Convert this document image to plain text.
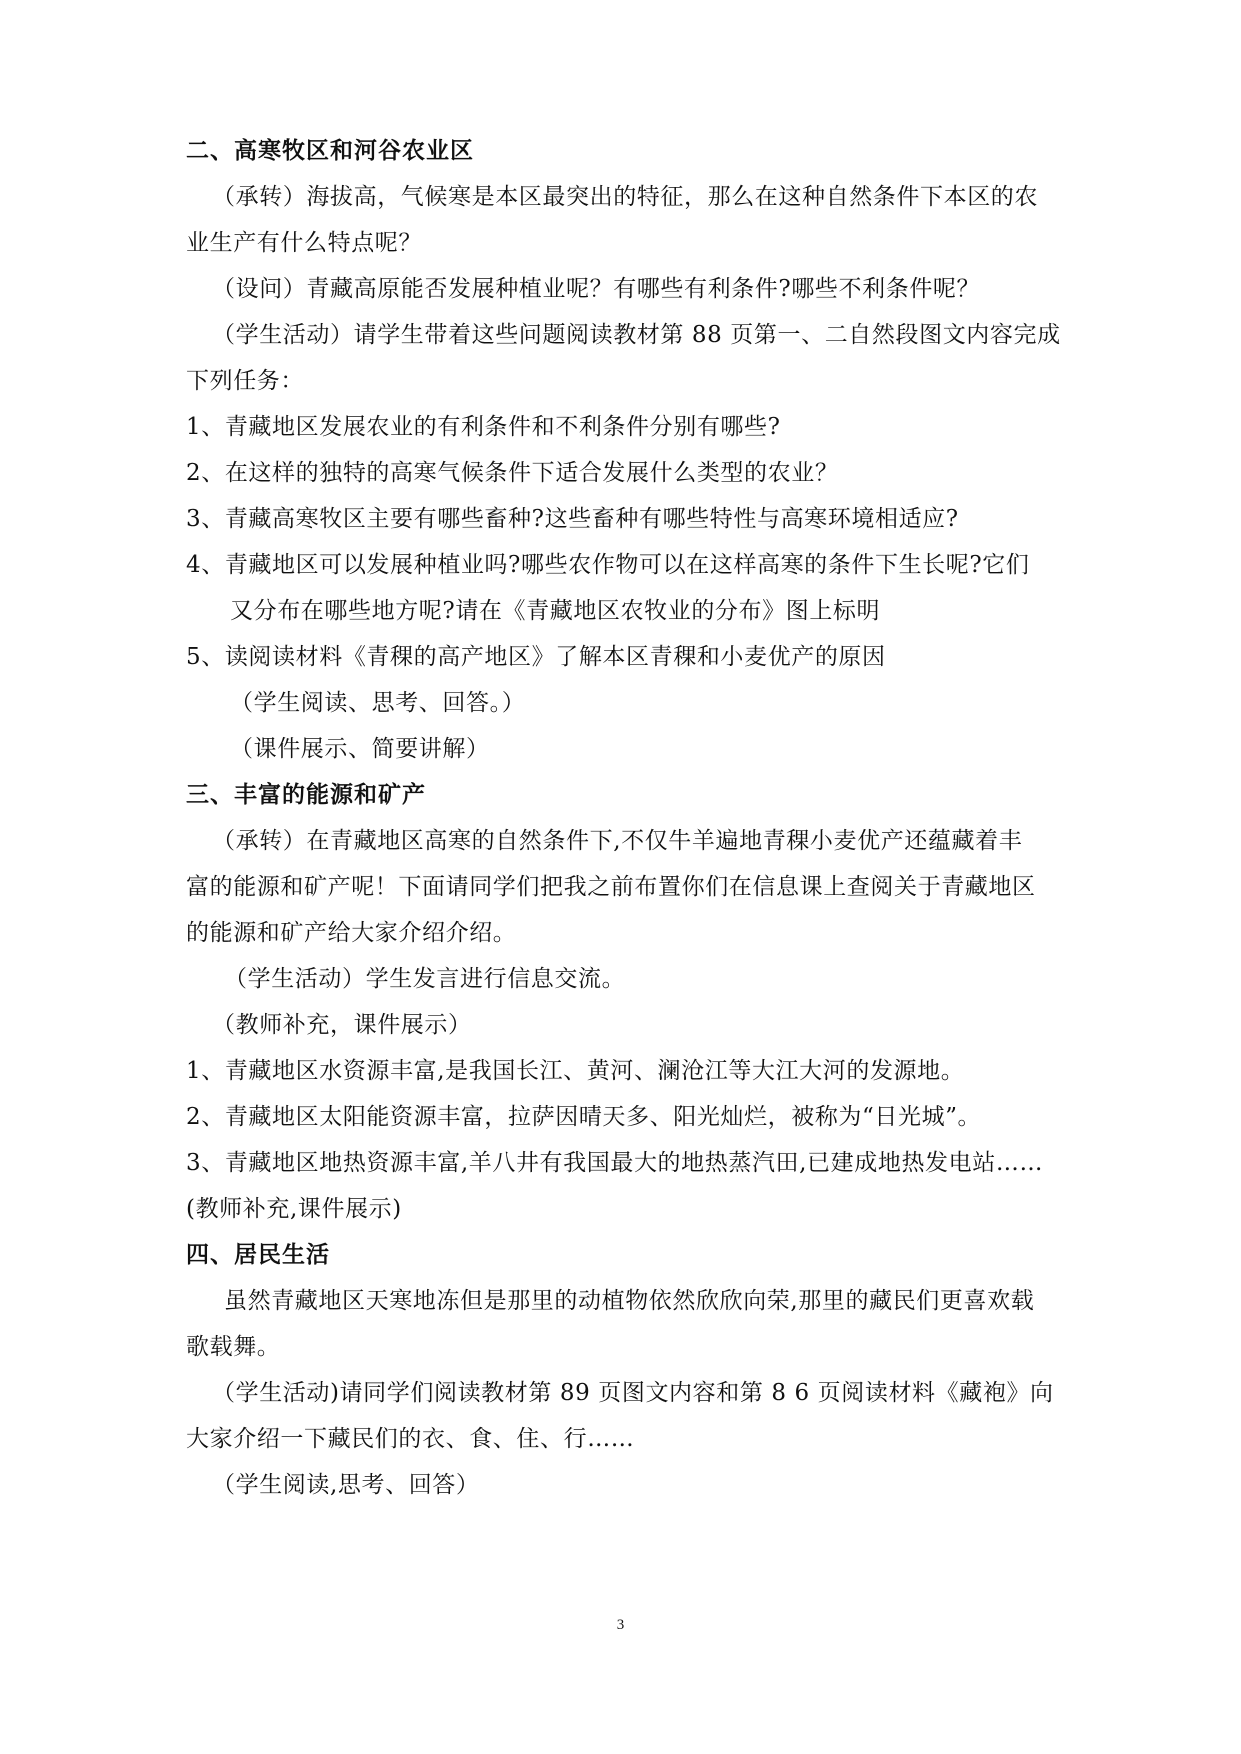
二、高寒牧区和河谷农业区
（承转）海拔高，气候寒是本区最突出的特征，那么在这种自然条件下本区的农
业生产有什么特点呢？
（设问）青藏高原能否发展种植业呢？有哪些有利条件?哪些不利条件呢？
（学生活动）请学生带着这些问题阅读教材第 88 页第一、二自然段图文内容完成
下列任务：
1、青藏地区发展农业的有利条件和不利条件分别有哪些?
2、在这样的独特的高寒气候条件下适合发展什么类型的农业？
3、青藏高寒牧区主要有哪些畜种?这些畜种有哪些特性与高寒环境相适应?
4、青藏地区可以发展种植业吗?哪些农作物可以在这样高寒的条件下生长呢?它们
又分布在哪些地方呢?请在《青藏地区农牧业的分布》图上标明
5、读阅读材料《青稞的高产地区》了解本区青稞和小麦优产的原因
（学生阅读、思考、回答。）
（课件展示、简要讲解）
三、丰富的能源和矿产
（承转）在青藏地区高寒的自然条件下,不仅牛羊遍地青稞小麦优产还蕴藏着丰
富的能源和矿产呢！下面请同学们把我之前布置你们在信息课上查阅关于青藏地区
的能源和矿产给大家介绍介绍。
（学生活动）学生发言进行信息交流。
（教师补充，课件展示）
1、青藏地区水资源丰富,是我国长江、黄河、澜沧江等大江大河的发源地。
2、青藏地区太阳能资源丰富，拉萨因晴天多、阳光灿烂，被称为“日光城”。
3、青藏地区地热资源丰富,羊八井有我国最大的地热蒸汽田,已建成地热发电站……
(教师补充,课件展示)
四、居民生活
虽然青藏地区天寒地冻但是那里的动植物依然欣欣向荣,那里的藏民们更喜欢载
歌载舞。
（学生活动)请同学们阅读教材第 89 页图文内容和第 8 6 页阅读材料《藏袍》向
大家介绍一下藏民们的衣、食、住、行……
（学生阅读,思考、回答）
3
